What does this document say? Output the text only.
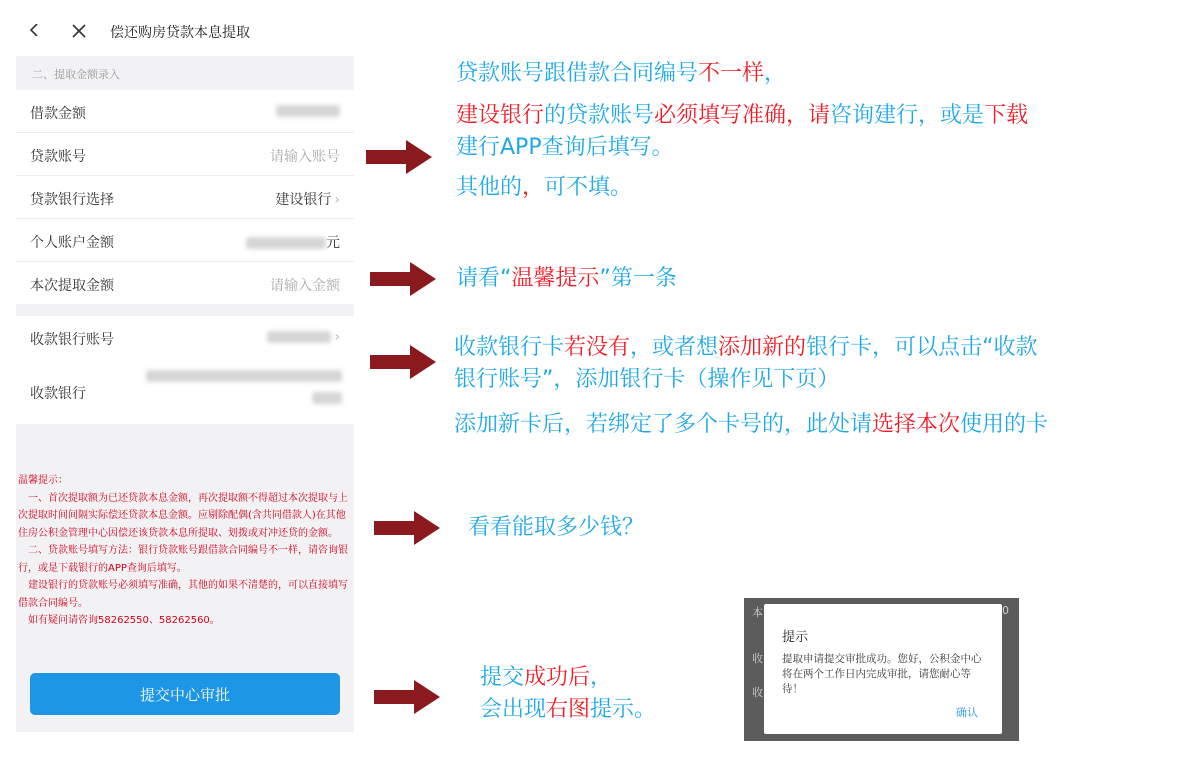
偿还购房贷款本息提取
二、提取金额录入
借款金额
贷款账号	请输入账号
贷款银行选择	建设银行 ›
个人账户金额	元
本次提取金额	请输入金额
收款银行账号	›
收款银行

温馨提示：

　一、首次提取额为已还贷款本息金额，再次提取额不得超过本次提取与上次提取时间间隔实际偿还贷款本息金额。应剔除配偶(含共同借款人)在其他住房公积金管理中心因偿还该贷款本息所提取、划拨或对冲还贷的金额。

　二、贷款账号填写方法：银行贷款账号跟借款合同编号不一样，请咨询银行，或是下载银行的APP查询后填写。

　建设银行的贷款账号必须填写准确，其他的如果不清楚的，可以直接填写借款合同编号。

　如有疑问请咨询58262550、58262560。

提交中心审批
贷款账号跟借款合同编号不一样，
建设银行的贷款账号必须填写准确，请咨询建行，或是下载
建行APP查询后填写。
其他的，可不填。
请看“温馨提示”第一条
收款银行卡若没有，或者想添加新的银行卡，可以点击“收款
银行账号”，添加银行卡（操作见下页）
添加新卡后，若绑定了多个卡号的，此处请选择本次使用的卡
看看能取多少钱？
提交成功后，
会出现右图提示。
本	0
收
收
提示
提取申请提交审批成功。您好，公积金中心将在两个工作日内完成审批，请您耐心等待！
确认
